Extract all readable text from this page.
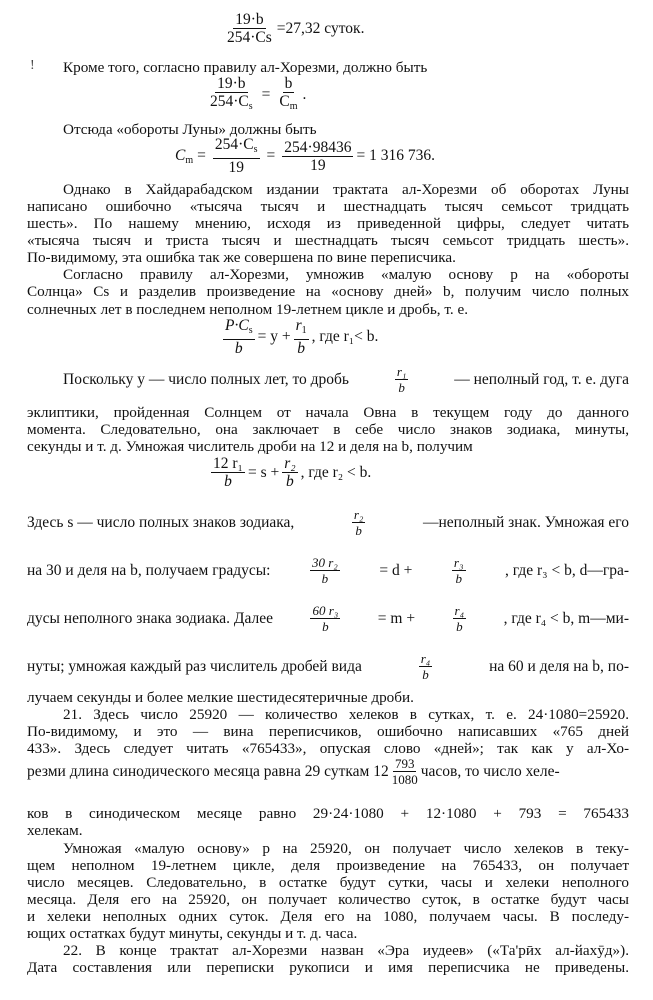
$\frac{19\cdot b}{254\cdot Cs} =27,32$ суток.
! Кроме того, согласно правилу ал-Хорезми, должно быть
$\frac{19\cdot b}{254\cdot C_s} = \frac{b}{C_m}$ .
Отсюда «обороты Луны» должны быть
$C_m = \frac{254\cdot C_s}{19} = \frac{254\cdot 98436}{19} = 1$ 316 736.
Однако в Хайдарабадском издании трактата ал-Хорезми об оборотах Луны
написано ошибочно «тысяча тысяч и шестнадцать тысяч семьсот тридцать
шесть». По нашему мнению, исходя из приведенной цифры, следует читать
«тысяча тысяч и триста тысяч и шестнадцать тысяч семьсот тридцать шесть».
По-видимому, эта ошибка так же совершена по вине переписчика.
Согласно правилу ал-Хорезми, умножив «малую основу p на «обороты
Солнца» Cs и разделив произведение на «основу дней» b, получим число полных
солнечных лет в последнем неполном 19-летнем цикле и дробь, т. е.
$\frac{P\cdot C_s}{b} = y + \frac{r_1}{b}$ , где r₁< b.
Поскольку y — число полных лет, то дробь	$\frac{\text{r₁}}{b}$	— неполный год, т. е. дуга
эклиптики, пройденная Солнцем от начала Овна в текущем году до данного
момента. Следовательно, она заключает в себе число знаков зодиака, минуты,
секунды и т. д. Умножая числитель дроби на 12 и деля на b, получим
$\frac{\text{12 r₁}}{b} = s + \frac{\text{r₂}}{b}$ , где r₂ < b.
Здесь s — число полных знаков зодиака,	$\frac{\text{r₂}}{b}$	—неполный знак. Умножая его
на 30 и деля на b, получаем градусы:	$\frac{\text{30 r₂}}{b}$	= d +	$\frac{\text{r₃}}{b}$	, где r₃ < b, d—гра-
дусы неполного знака зодиака. Далее	$\frac{\text{60 r₃}}{b} = m$ +	$\frac{\text{r₄}}{b}$ , где r₄ < b, m—ми-
нуты; умножая каждый раз числитель дробей вида	$\frac{\text{r₄}}{b}$	на 60 и деля на b, по-
лучаем секунды и более мелкие шестидесятеричные дроби.
21. Здесь число 25920 — количество хелеков в сутках, т. е. 24·1080=25920.
По-видимому, и это — вина переписчиков, ошибочно написавших «765 дней
433». Здесь следует читать «765433», опуская слово «дней»; так как у ал-Хо-
резми длина синодического месяца равна 29 суткам $12 \frac{793}{1080}$ часов, то число хеле-
ков в синодическом месяце равно 29·24·1080 + 12·1080 + 793 = 765433
хелекам.
Умножая «малую основу» p на 25920, он получает число хелеков в теку-
щем неполном 19-летнем цикле, деля произведение на 765433, он получает
число месяцев. Следовательно, в остатке будут сутки, часы и хелеки неполного
месяца. Деля его на 25920, он получает количество суток, в остатке будут часы
и хелеки неполных одних суток. Деля его на 1080, получаем часы. В последу-
ющих остатках будут минуты, секунды и т. д. часа.
22. В конце трактат ал-Хорезми назван «Эра иудеев» («Та'рӣх ал-йахӯд»).
Дата составления или переписки рукописи и имя переписчика не приведены.
